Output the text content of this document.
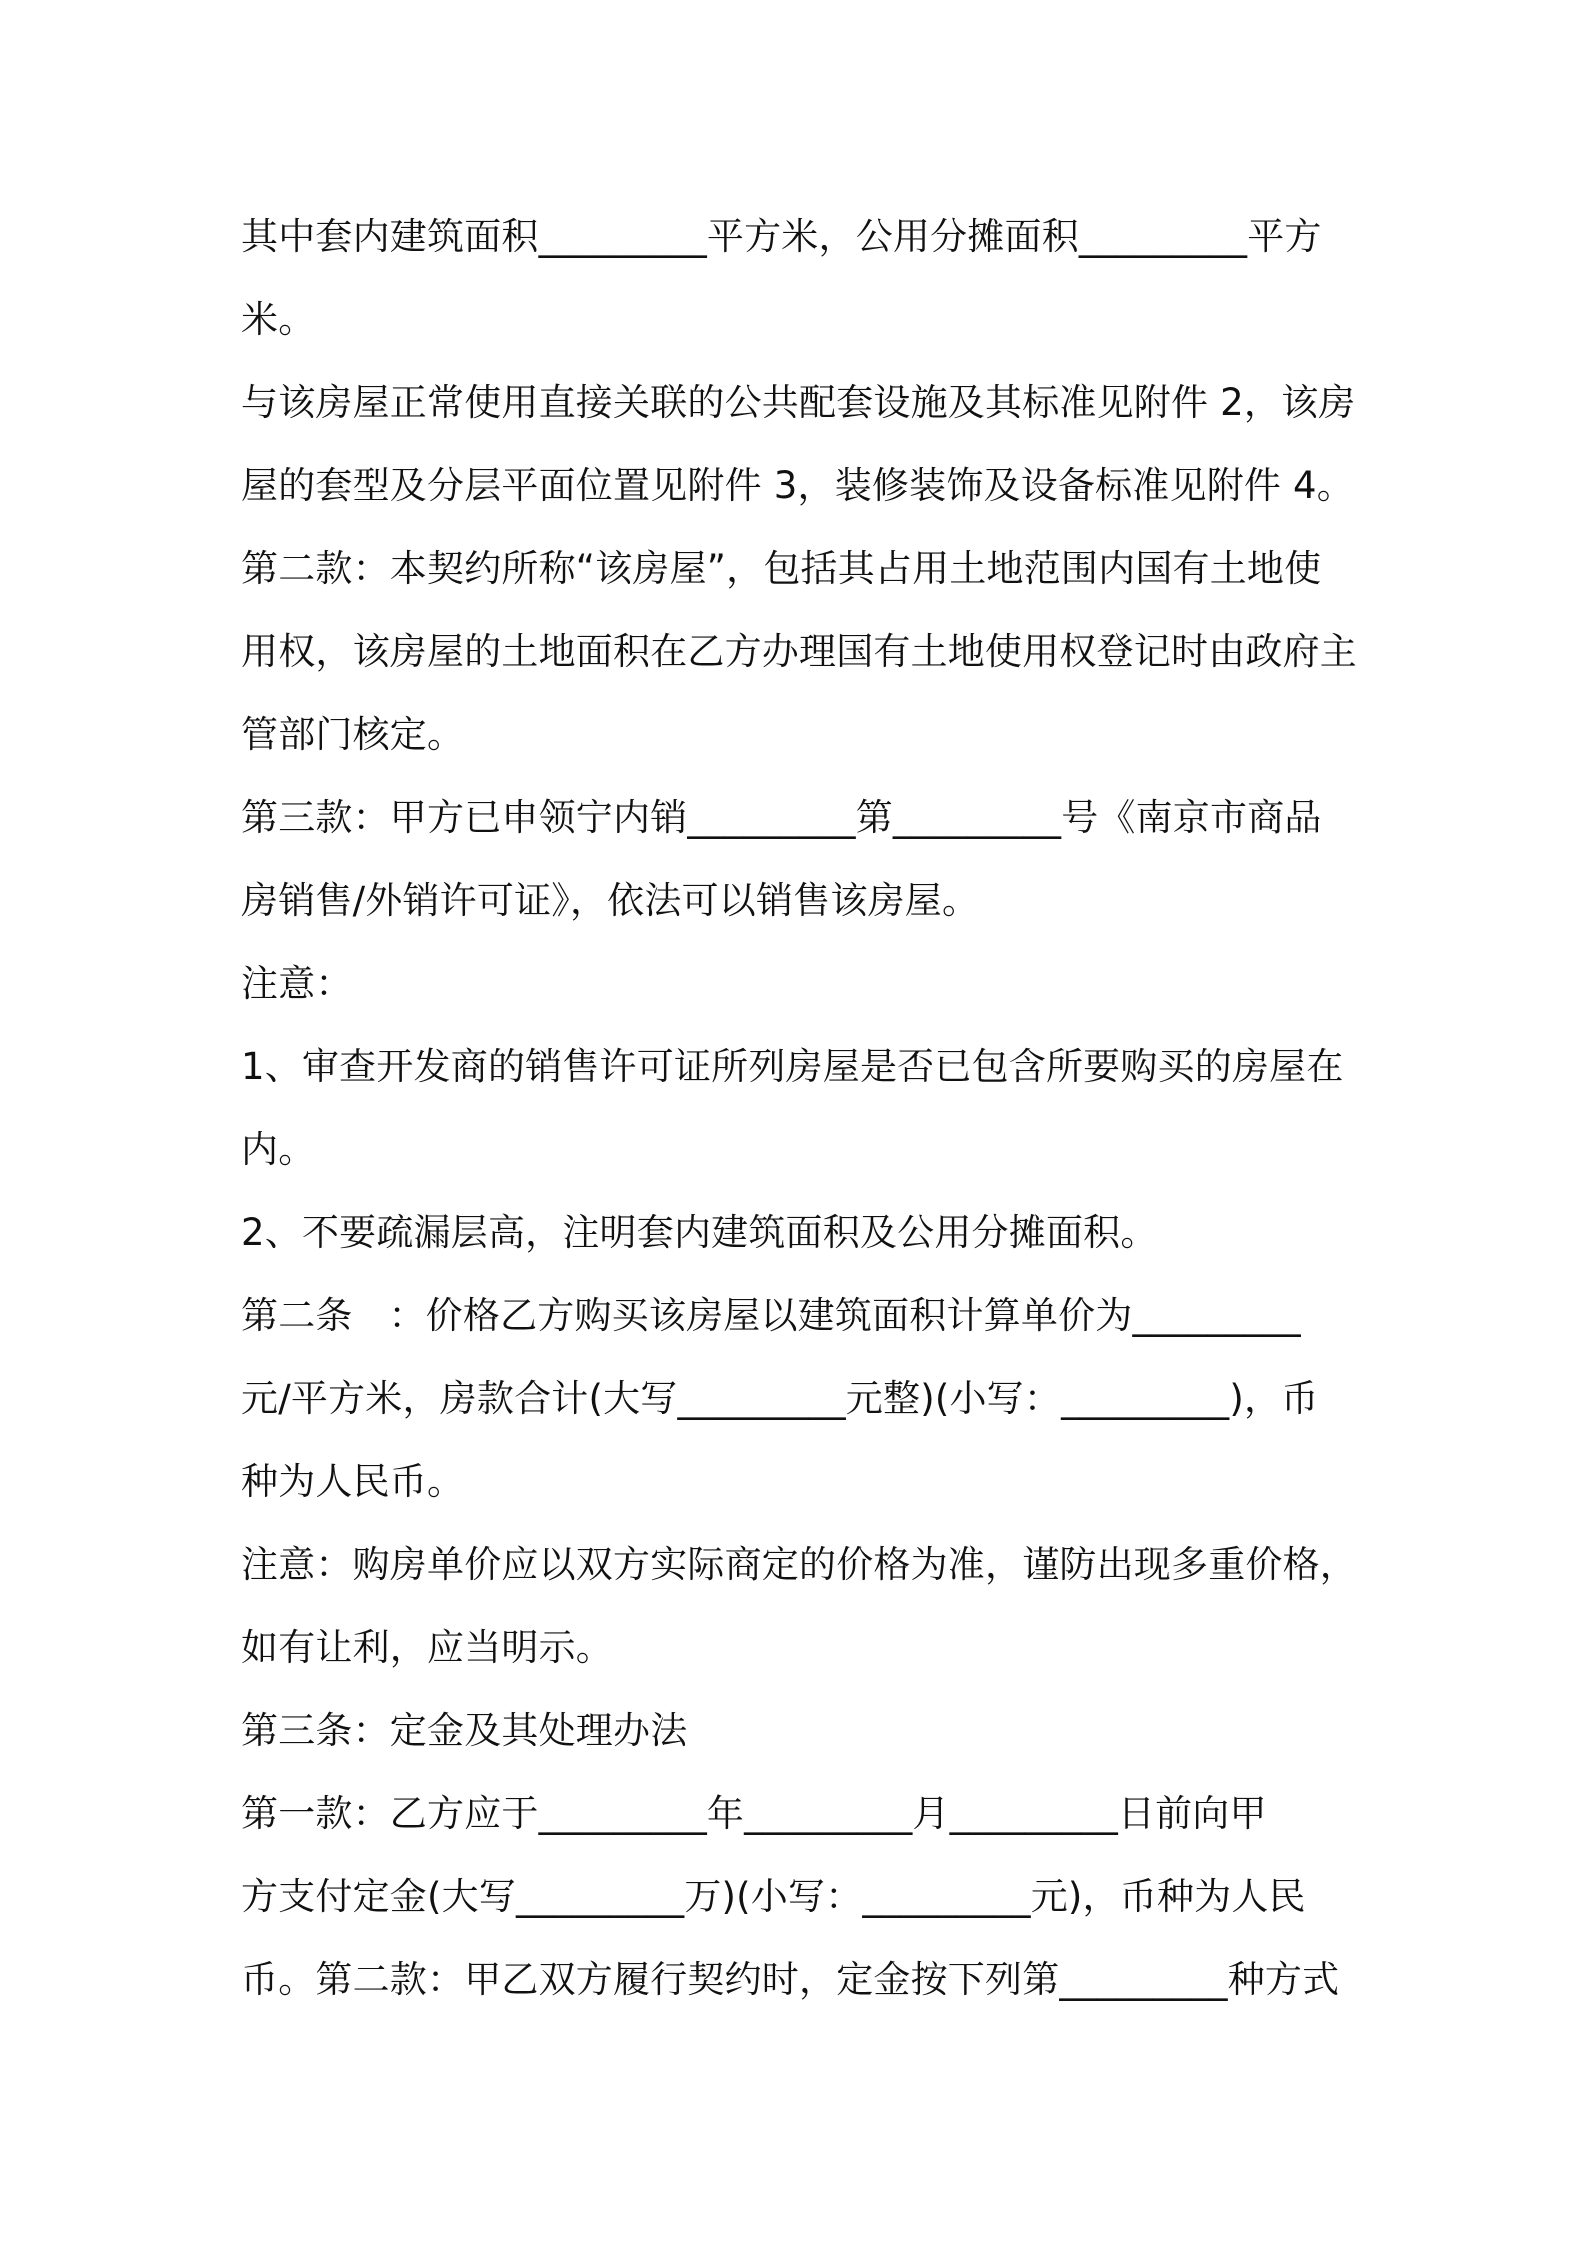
其中套内建筑面积_________平方米，公用分摊面积_________平方
米。
与该房屋正常使用直接关联的公共配套设施及其标准见附件 2，该房
屋的套型及分层平面位置见附件 3，装修装饰及设备标准见附件 4。
第二款：本契约所称“该房屋”，包括其占用土地范围内国有土地使
用权，该房屋的土地面积在乙方办理国有土地使用权登记时由政府主
管部门核定。
第三款：甲方已申领宁内销_________第_________号《南京市商品
房销售/外销许可证》，依法可以销售该房屋。
注意：
1、审查开发商的销售许可证所列房屋是否已包含所要购买的房屋在
内。
2、不要疏漏层高，注明套内建筑面积及公用分摊面积。
第二条   ：价格乙方购买该房屋以建筑面积计算单价为_________
元/平方米，房款合计(大写_________元整)(小写：_________)，币
种为人民币。
注意：购房单价应以双方实际商定的价格为准，谨防出现多重价格，
如有让利，应当明示。
第三条：定金及其处理办法
第一款：乙方应于_________年_________月_________日前向甲
方支付定金(大写_________万)(小写：_________元)，币种为人民
币。第二款：甲乙双方履行契约时，定金按下列第_________种方式
